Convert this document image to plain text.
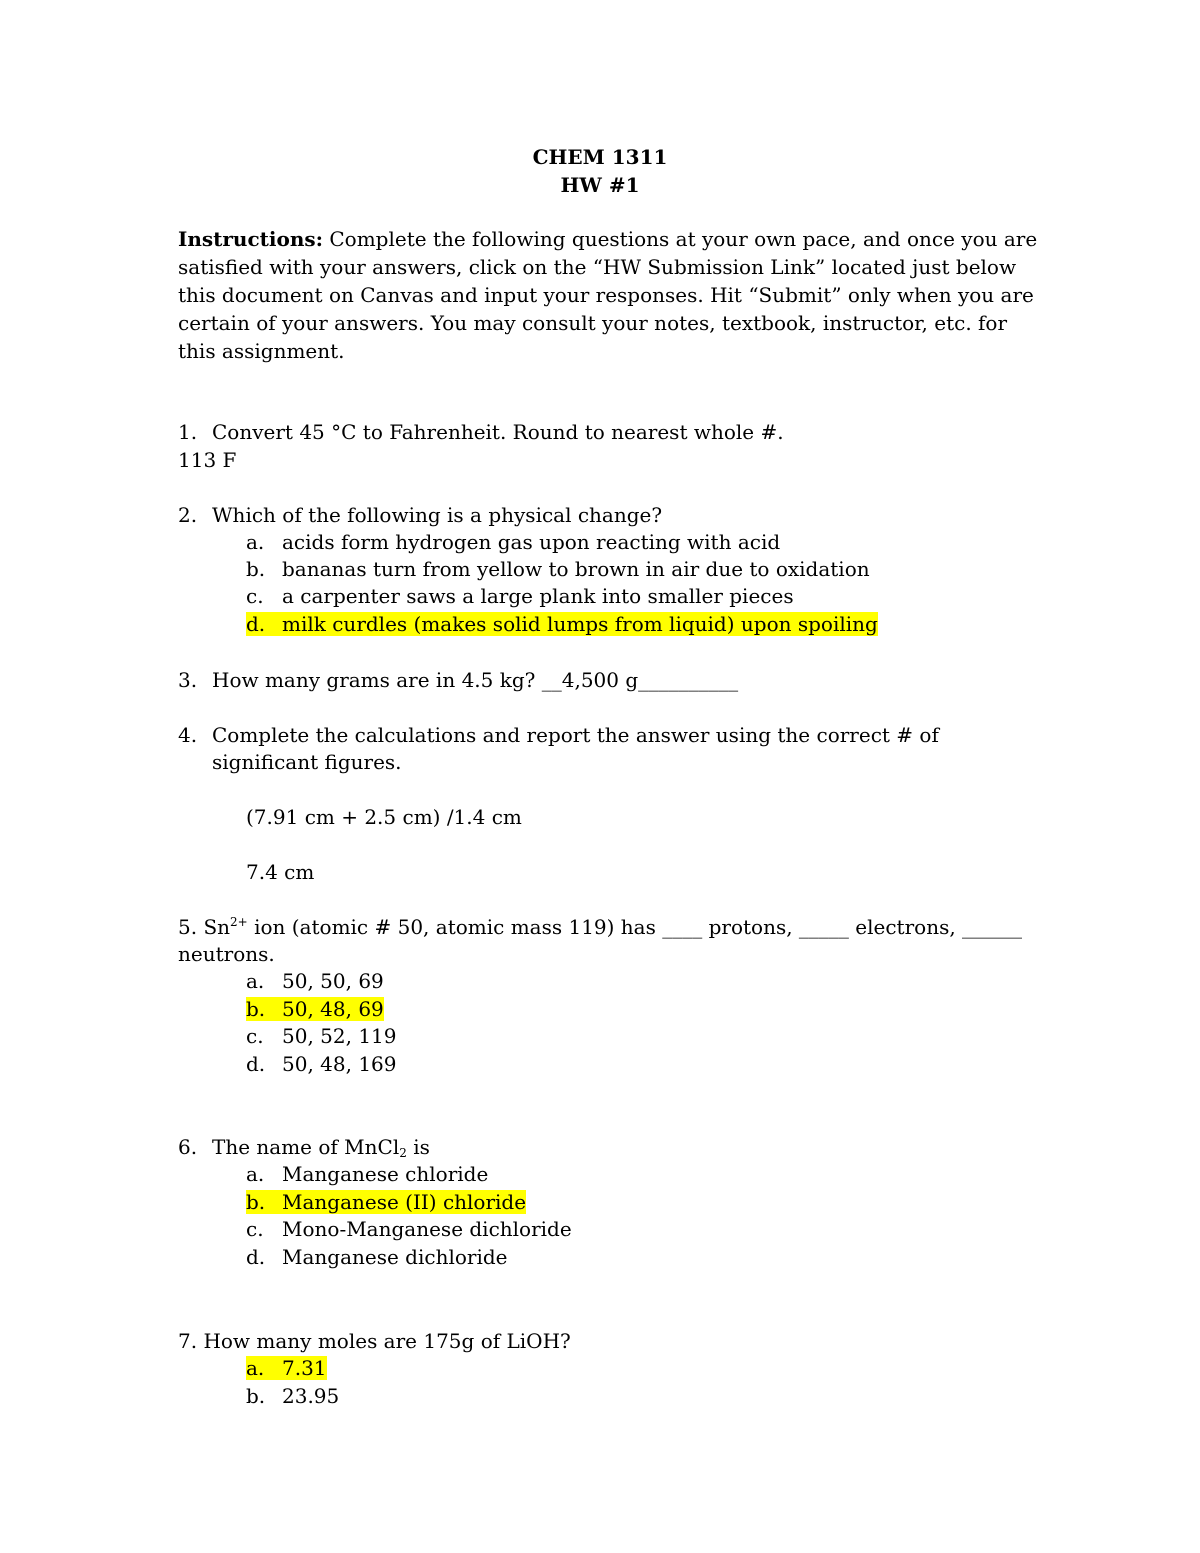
CHEM 1311
HW #1
Instructions: Complete the following questions at your own pace, and once you are
satisfied with your answers, click on the “HW Submission Link” located just below
this document on Canvas and input your responses. Hit “Submit” only when you are
certain of your answers. You may consult your notes, textbook, instructor, etc. for
this assignment.
1. Convert 45 °C to Fahrenheit. Round to nearest whole #.
113 F
2. Which of the following is a physical change?
a. acids form hydrogen gas upon reacting with acid
b. bananas turn from yellow to brown in air due to oxidation
c. a carpenter saws a large plank into smaller pieces
d. milk curdles (makes solid lumps from liquid) upon spoiling
3. How many grams are in 4.5 kg? __4,500 g__________
4. Complete the calculations and report the answer using the correct # of
significant figures.
(7.91 cm + 2.5 cm) /1.4 cm
7.4 cm
5. $Sn^{2+}$ ion (atomic # 50, atomic mass 119) has ____ protons, _____ electrons, ______
neutrons.
a. 50, 50, 69
b. 50, 48, 69
c. 50, 52, 119
d. 50, 48, 169
6. The name of MnCl$_2$ is
a. Manganese chloride
b. Manganese (II) chloride
c. Mono-Manganese dichloride
d. Manganese dichloride
7. How many moles are 175g of LiOH?
a. 7.31
b. 23.95
